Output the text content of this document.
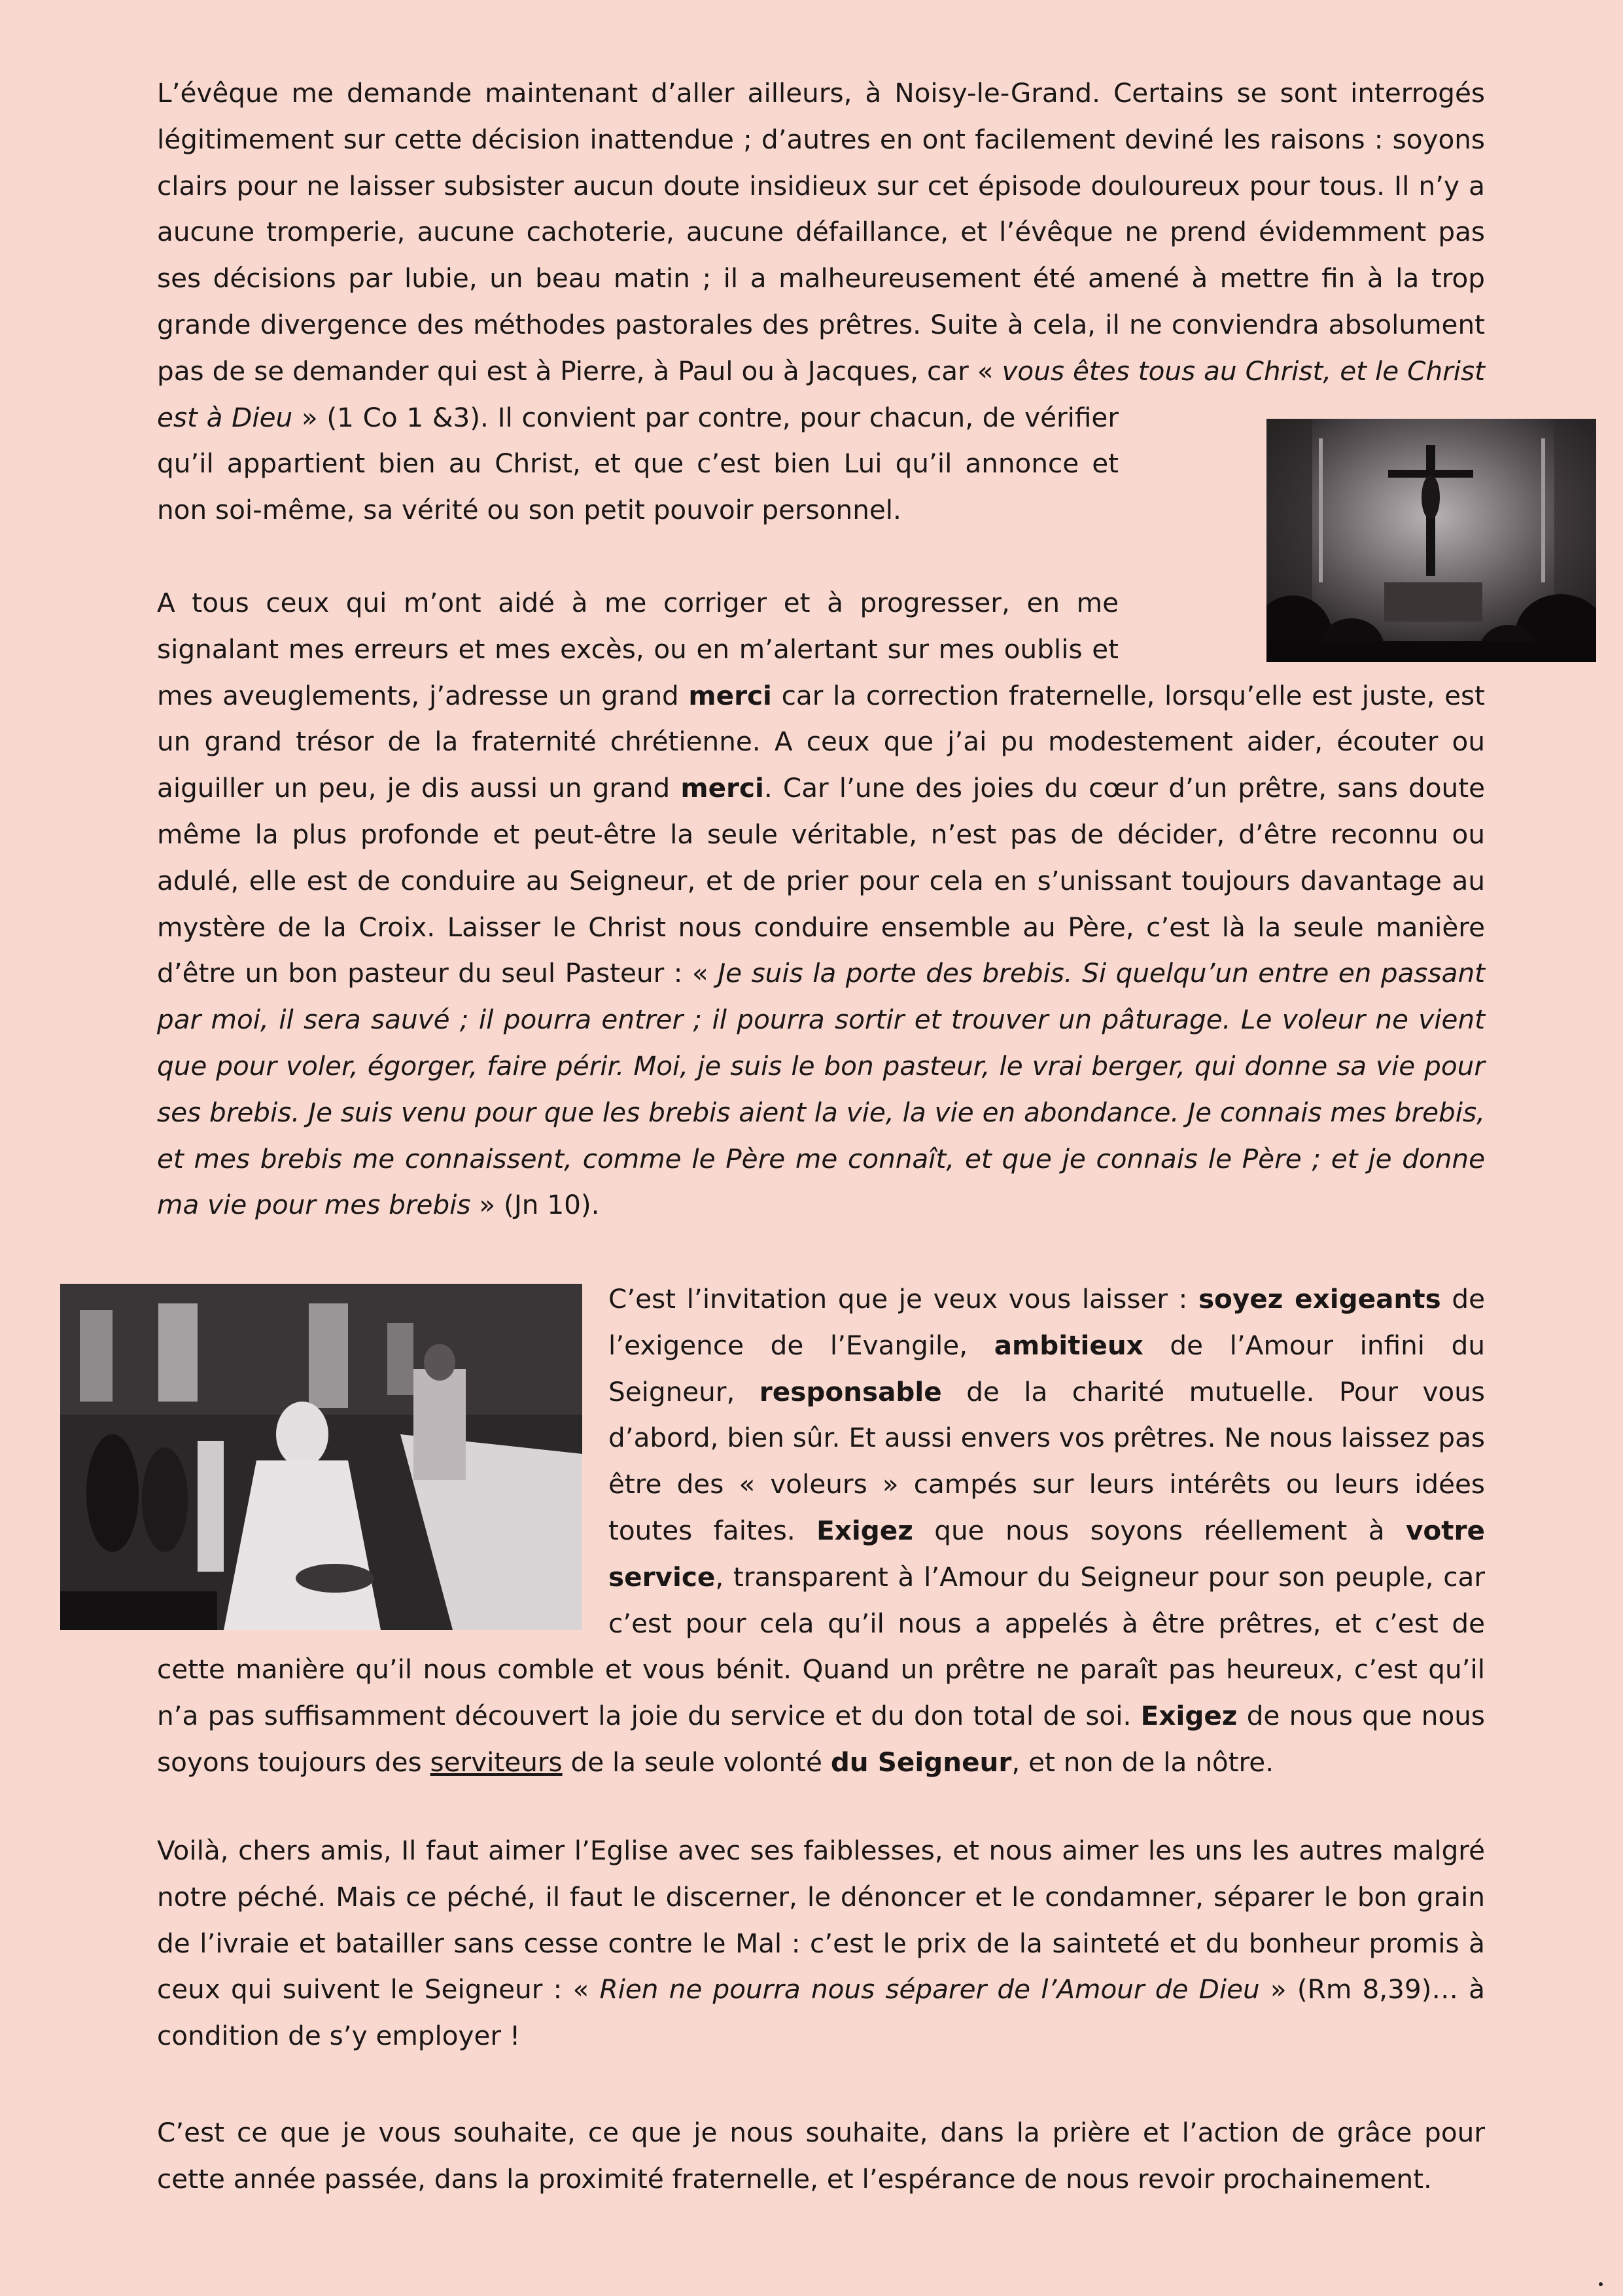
L’évêque me demande maintenant d’aller ailleurs, à Noisy-le-Grand. Certains se sont interrogés légitimement sur cette décision inattendue ; d’autres en ont facilement deviné les raisons : soyons clairs pour ne laisser subsister aucun doute insidieux sur cet épisode douloureux pour tous. Il n’y a aucune tromperie, aucune cachoterie, aucune défaillance, et l’évêque ne prend évidemment pas ses décisions par lubie, un beau matin ; il a malheureusement été amené à mettre fin à la trop grande divergence des méthodes pastorales des prêtres. Suite à cela, il ne conviendra absolument pas de se demander qui est à Pierre, à Paul ou à Jacques, car « vous êtes tous au Christ, et le Christ est à Dieu » (1 Co 1 &3). Il convient par contre, pour chacun, de vérifier qu’il appartient bien au Christ, et que c’est bien Lui qu’il annonce et non soi-même, sa vérité ou son petit pouvoir personnel.

A tous ceux qui m’ont aidé à me corriger et à progresser, en me signalant mes erreurs et mes excès, ou en m’alertant sur mes oublis et mes aveuglements, j’adresse un grand merci car la correction fraternelle, lorsqu’elle est juste, est un grand trésor de la fraternité chrétienne. A ceux que j’ai pu modestement aider, écouter ou aiguiller un peu, je dis aussi un grand merci. Car l’une des joies du cœur d’un prêtre, sans doute même la plus profonde et peut-être la seule véritable, n’est pas de décider, d’être reconnu ou adulé, elle est de conduire au Seigneur, et de prier pour cela en s’unissant toujours davantage au mystère de la Croix. Laisser le Christ nous conduire ensemble au Père, c’est là la seule manière d’être un bon pasteur du seul Pasteur : « Je suis la porte des brebis. Si quelqu’un entre en passant par moi, il sera sauvé ; il pourra entrer ; il pourra sortir et trouver un pâturage. Le voleur ne vient que pour voler, égorger, faire périr. Moi, je suis le bon pasteur, le vrai berger, qui donne sa vie pour ses brebis. Je suis venu pour que les brebis aient la vie, la vie en abondance. Je connais mes brebis, et mes brebis me connaissent, comme le Père me connaît, et que je connais le Père ; et je donne ma vie pour mes brebis » (Jn 10).

C’est l’invitation que je veux vous laisser : soyez exigeants de l’exigence de l’Evangile, ambitieux de l’Amour infini du Seigneur, responsable de la charité mutuelle. Pour vous d’abord, bien sûr. Et aussi envers vos prêtres. Ne nous laissez pas être des « voleurs » campés sur leurs intérêts ou leurs idées toutes faites. Exigez que nous soyons réellement à votre service, transparent à l’Amour du Seigneur pour son peuple, car c’est pour cela qu’il nous a appelés à être prêtres, et c’est de cette manière qu’il nous comble et vous bénit. Quand un prêtre ne paraît pas heureux, c’est qu’il n’a pas suffisamment découvert la joie du service et du don total de soi. Exigez de nous que nous soyons toujours des serviteurs de la seule volonté du Seigneur, et non de la nôtre.

Voilà, chers amis, Il faut aimer l’Eglise avec ses faiblesses, et nous aimer les uns les autres malgré notre péché. Mais ce péché, il faut le discerner, le dénoncer et le condamner, séparer le bon grain de l’ivraie et batailler sans cesse contre le Mal : c’est le prix de la sainteté et du bonheur promis à ceux qui suivent le Seigneur : « Rien ne pourra nous séparer de l’Amour de Dieu » (Rm 8,39)… à condition de s’y employer !

C’est ce que je vous souhaite, ce que je nous souhaite, dans la prière et l’action de grâce pour cette année passée, dans la proximité fraternelle, et l’espérance de nous revoir prochainement.
